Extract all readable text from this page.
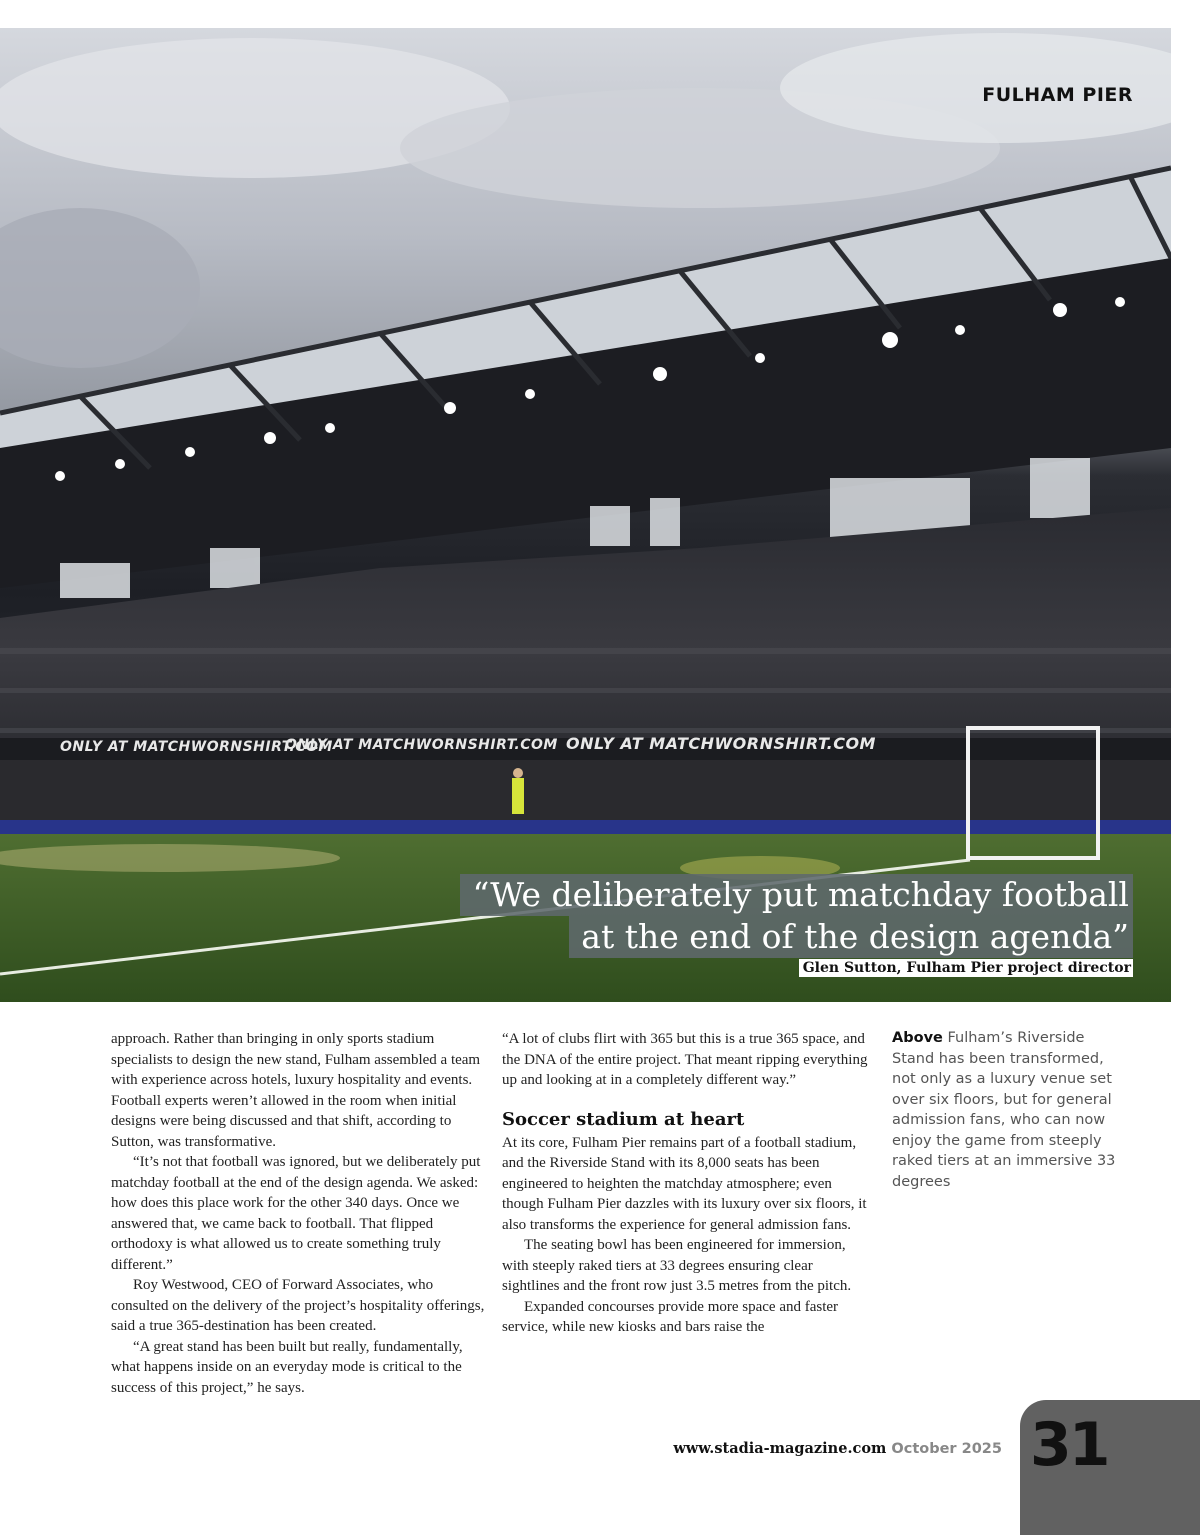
FULHAM PIER
ONLY AT MATCHWORNSHIRT.COM
ONLY AT MATCHWORNSHIRT.COM ONLY AT MATCHWORNSHIRT.COM
“We deliberately put matchday football
at the end of the design agenda”
Glen Sutton, Fulham Pier project director

approach. Rather than bringing in only sports stadium specialists to design the new stand, Fulham assembled a team with experience across hotels, luxury hospitality and events. Football experts weren’t allowed in the room when initial designs were being discussed and that shift, according to Sutton, was transformative.

“It’s not that football was ignored, but we deliberately put matchday football at the end of the design agenda. We asked: how does this place work for the other 340 days. Once we answered that, we came back to football. That flipped orthodoxy is what allowed us to create something truly different.”

Roy Westwood, CEO of Forward Associates, who consulted on the delivery of the project’s hospitality offerings, said a true 365-destination has been created.

“A great stand has been built but really, fundamentally, what happens inside on an everyday mode is critical to the success of this project,” he says.

“A lot of clubs flirt with 365 but this is a true 365 space, and the DNA of the entire project. That meant ripping everything up and looking at in a completely different way.”

Soccer stadium at heart

At its core, Fulham Pier remains part of a football stadium, and the Riverside Stand with its 8,000 seats has been engineered to heighten the matchday atmosphere; even though Fulham Pier dazzles with its luxury over six floors, it also transforms the experience for general admission fans.

The seating bowl has been engineered for immersion, with steeply raked tiers at 33 degrees ensuring clear sightlines and the front row just 3.5 metres from the pitch.

Expanded concourses provide more space and faster service, while new kiosks and bars raise the

Above Fulham’s Riverside Stand has been transformed, not only as a luxury venue set over six floors, but for general admission fans, who can now enjoy the game from steeply raked tiers at an immersive 33 degrees
www.stadia-magazine.com October 2025 31
